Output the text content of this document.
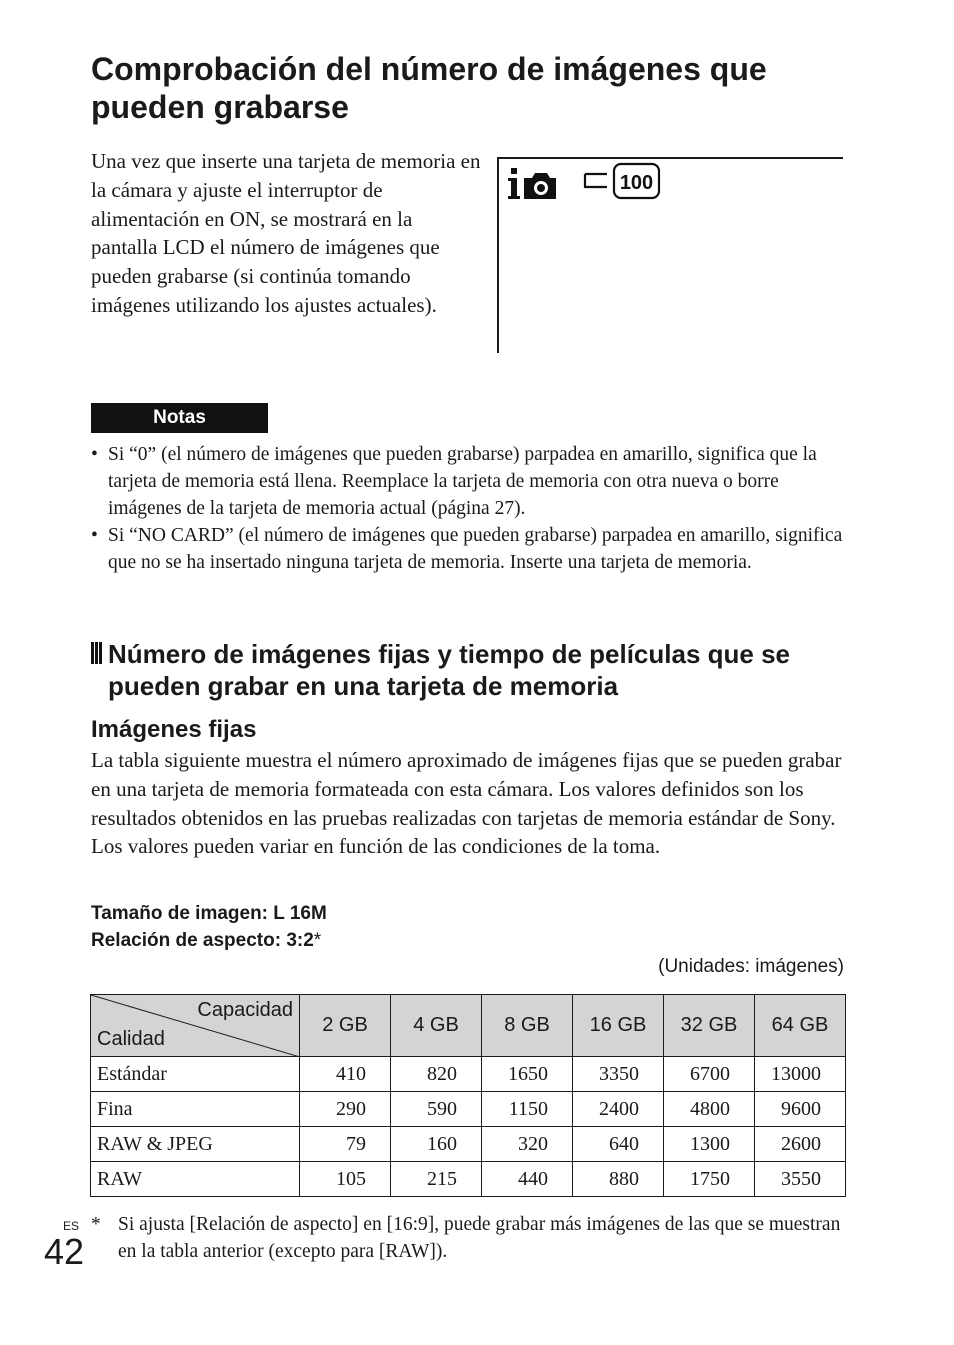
Comprobación del número de imágenes que pueden grabarse

Una vez que inserte una tarjeta de memoria en la cámara y ajuste el interruptor de alimentación en ON, se mostrará en la pantalla LCD el número de imágenes que pueden grabarse (si continúa tomando imágenes utilizando los ajustes actuales).

100
Notas
• Si “0” (el número de imágenes que pueden grabarse) parpadea en amarillo, significa que la tarjeta de memoria está llena. Reemplace la tarjeta de memoria con otra nueva o borre imágenes de la tarjeta de memoria actual (página 27).
• Si “NO CARD” (el número de imágenes que pueden grabarse) parpadea en amarillo, significa que no se ha insertado ninguna tarjeta de memoria. Inserte una tarjeta de memoria.
Número de imágenes fijas y tiempo de películas que se pueden grabar en una tarjeta de memoria
Imágenes fijas
La tabla siguiente muestra el número aproximado de imágenes fijas que se pueden grabar en una tarjeta de memoria formateada con esta cámara. Los valores definidos son los resultados obtenidos en las pruebas realizadas con tarjetas de memoria estándar de Sony. Los valores pueden variar en función de las condiciones de la toma.
Tamaño de imagen: L 16M
Relación de aspecto: 3:2*
(Unidades: imágenes)
Capacidad
Calidad	2 GB	4 GB	8 GB	16 GB	32 GB	64 GB
Estándar	410	820	1650	3350	6700	13000
Fina	290	590	1150	2400	4800	9600
RAW & JPEG	79	160	320	640	1300	2600
RAW	105	215	440	880	1750	3550
* Si ajusta [Relación de aspecto] en [16:9], puede grabar más imágenes de las que se muestran en la tabla anterior (excepto para [RAW]).
ES
42
